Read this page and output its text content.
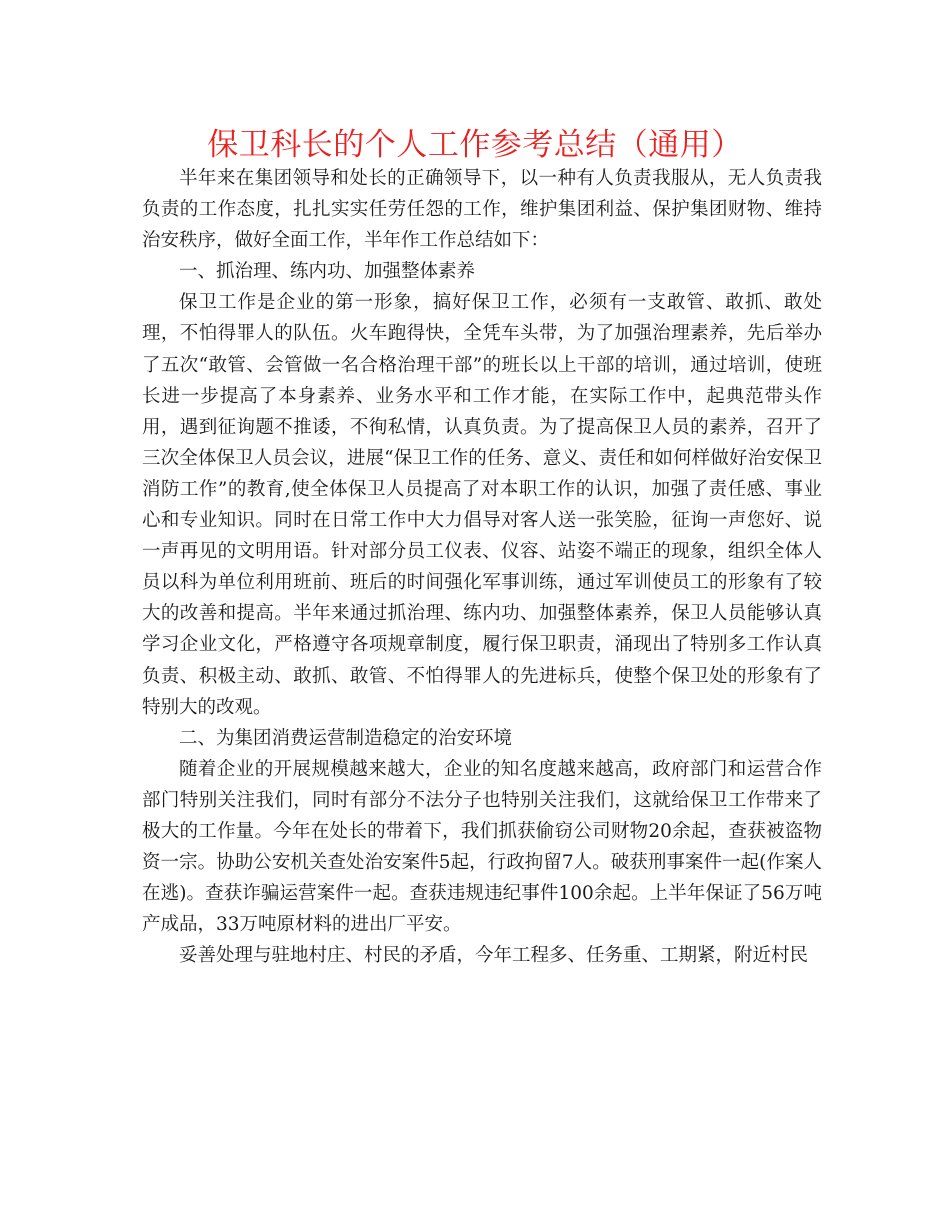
保卫科长的个人工作参考总结（通用）

半年来在集团领导和处长的正确领导下，以一种有人负责我服从，无人负责我负责的工作态度，扎扎实实任劳任怨的工作，维护集团利益、保护集团财物、维持治安秩序，做好全面工作，半年作工作总结如下：

一、抓治理、练内功、加强整体素养

保卫工作是企业的第一形象，搞好保卫工作，必须有一支敢管、敢抓、敢处理，不怕得罪人的队伍。火车跑得快，全凭车头带，为了加强治理素养，先后举办了五次“敢管、会管做一名合格治理干部”的班长以上干部的培训，通过培训，使班长进一步提高了本身素养、业务水平和工作才能，在实际工作中，起典范带头作用，遇到征询题不推诿，不徇私情，认真负责。为了提高保卫人员的素养，召开了三次全体保卫人员会议，进展“保卫工作的任务、意义、责任和如何样做好治安保卫消防工作”的教育,使全体保卫人员提高了对本职工作的认识，加强了责任感、事业心和专业知识。同时在日常工作中大力倡导对客人送一张笑脸，征询一声您好、说一声再见的文明用语。针对部分员工仪表、仪容、站姿不端正的现象，组织全体人员以科为单位利用班前、班后的时间强化军事训练，通过军训使员工的形象有了较大的改善和提高。半年来通过抓治理、练内功、加强整体素养，保卫人员能够认真学习企业文化，严格遵守各项规章制度，履行保卫职责，涌现出了特别多工作认真负责、积极主动、敢抓、敢管、不怕得罪人的先进标兵，使整个保卫处的形象有了特别大的改观。

二、为集团消费运营制造稳定的治安环境

随着企业的开展规模越来越大，企业的知名度越来越高，政府部门和运营合作部门特别关注我们，同时有部分不法分子也特别关注我们，这就给保卫工作带来了极大的工作量。今年在处长的带着下，我们抓获偷窃公司财物20余起，查获被盗物资一宗。协助公安机关查处治安案件5起，行政拘留7人。破获刑事案件一起(作案人在逃)。查获诈骗运营案件一起。查获违规违纪事件100余起。上半年保证了56万吨产成品，33万吨原材料的进出厂平安。

妥善处理与驻地村庄、村民的矛盾，今年工程多、任务重、工期紧，附近村民
